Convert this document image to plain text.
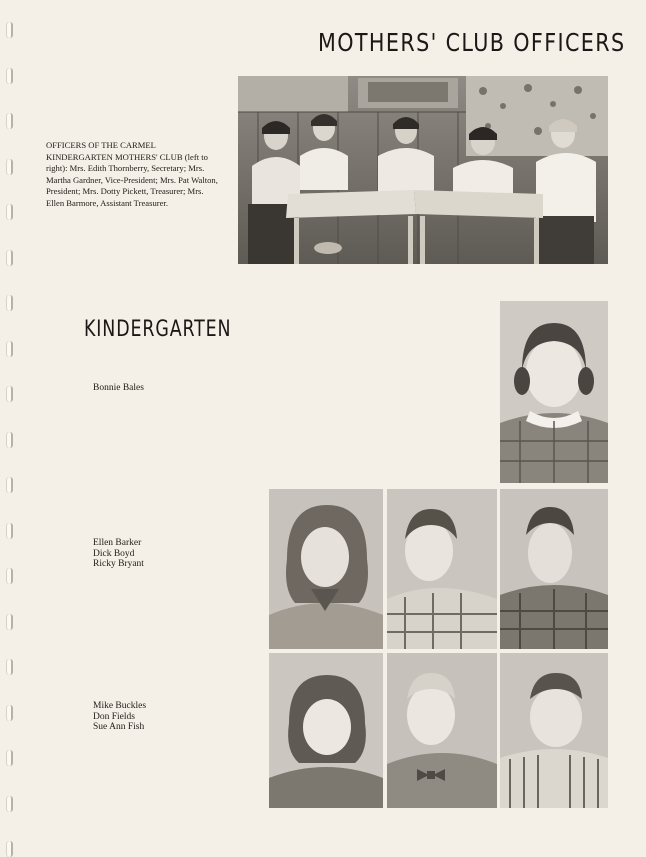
MOTHERS' CLUB OFFICERS
OFFICERS OF THE CARMEL KINDERGARTEN MOTHERS' CLUB (left to right): Mrs. Edith Thornberry, Secretary; Mrs. Martha Gardner, Vice-President; Mrs. Pat Walton, President; Mrs. Dotty Pickett, Treasurer; Mrs. Ellen Barmore, Assistant Treasurer.
KINDERGARTEN
Bonnie Bales
Ellen Barker
Dick Boyd
Ricky Bryant
Mike Buckles
Don Fields
Sue Ann Fish
